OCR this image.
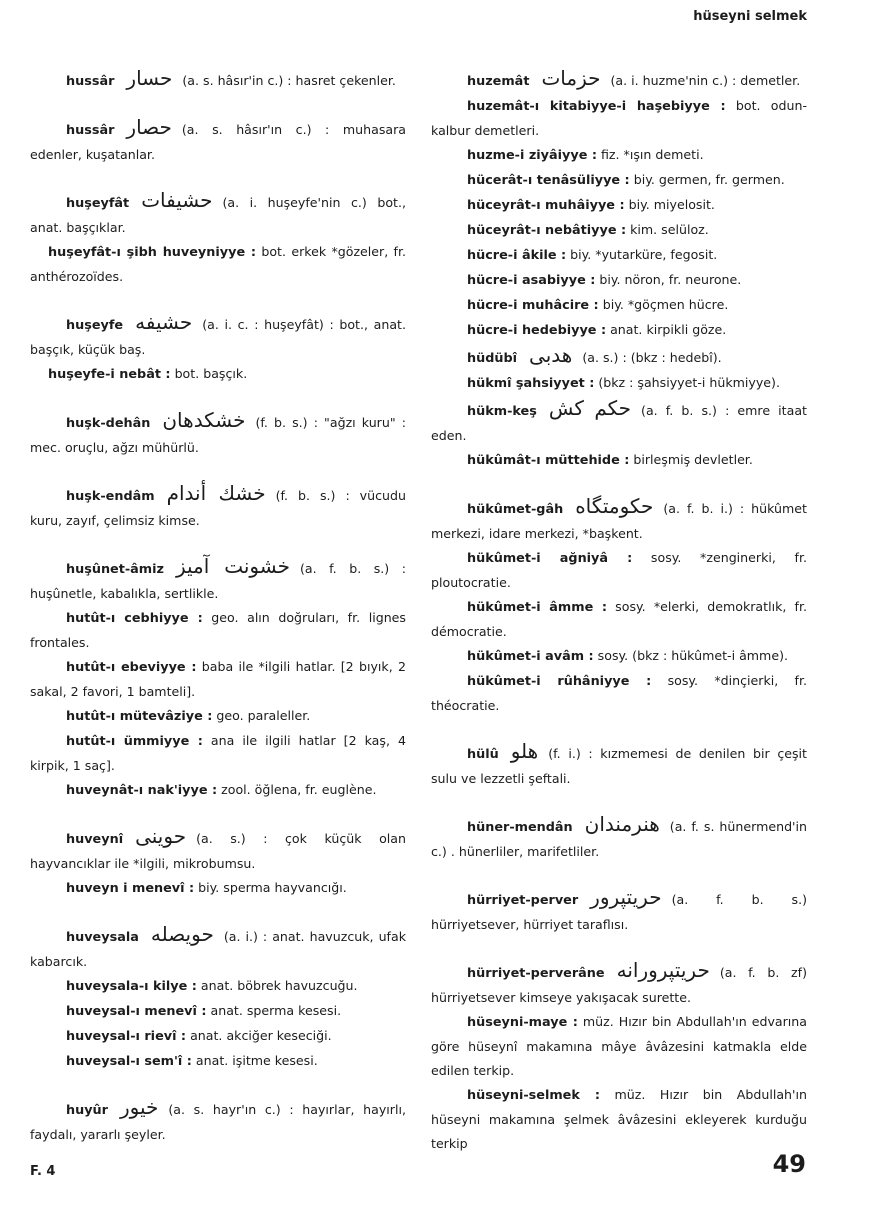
hüseyni selmek

hussâr حسار (a. s. hâsır'in c.) : hasret çekenler.

hussâr حصار (a. s. hâsır'ın c.) : muhasara edenler, kuşatanlar.

huşeyfât حشيفات (a. i. huşeyfe'nin c.) bot., anat. başçıklar.

huşeyfât-ı şibh huveyniyye : bot. erkek *gözeler, fr. anthérozoïdes.

huşeyfe حشيفه (a. i. c. : huşeyfât) : bot., anat. başçık, küçük baş.

huşeyfe-i nebât : bot. başçık.

huşk-dehân خشكدهان (f. b. s.) : "ağzı kuru" : mec. oruçlu, ağzı mühürlü.

huşk-endâm خشك أندام (f. b. s.) : vücudu kuru, zayıf, çelimsiz kimse.

huşûnet-âmiz خشونت آميز (a. f. b. s.) : huşûnetle, kabalıkla, sertlikle.

hutût-ı cebhiyye : geo. alın doğruları, fr. lignes frontales.

hutût-ı ebeviyye : baba ile *ilgili hatlar. [2 bıyık, 2 sakal, 2 favori, 1 bamteli].

hutût-ı mütevâziye : geo. paraleller.

hutût-ı ümmiyye : ana ile ilgili hatlar [2 kaş, 4 kirpik, 1 saç].

huveynât-ı nak'iyye : zool. öğlena, fr. euglène.

huveynî حوينى (a. s.) : çok küçük olan hayvancıklar ile *ilgili, mikrobumsu.

huveyn i menevî : biy. sperma hayvancığı.

huveysala حويصله (a. i.) : anat. havuzcuk, ufak kabarcık.

huveysala-ı kilye : anat. böbrek havuzcuğu.

huveysal-ı menevî : anat. sperma kesesi.

huveysal-ı rievî : anat. akciğer keseciği.

huveysal-ı sem'î : anat. işitme kesesi.

huyûr خيور (a. s. hayr'ın c.) : hayırlar, hayırlı, faydalı, yararlı şeyler.

huzemât حزمات (a. i. huzme'nin c.) : demetler.

huzemât-ı kitabiyye-i haşebiyye : bot. odun-kalbur demetleri.

huzme-i ziyâiyye : fiz. *ışın demeti.

hücerât-ı tenâsüliyye : biy. germen, fr. germen.

hüceyrât-ı muhâiyye : biy. miyelosit.

hüceyrât-ı nebâtiyye : kim. selüloz.

hücre-i âkile : biy. *yutarküre, fegosit.

hücre-i asabiyye : biy. nöron, fr. neurone.

hücre-i muhâcire : biy. *göçmen hücre.

hücre-i hedebiyye : anat. kirpikli göze.

hüdübî هدبى (a. s.) : (bkz : hedebî).

hükmî şahsiyyet : (bkz : şahsiyyet-i hükmiyye).

hükm-keş حكم كش (a. f. b. s.) : emre itaat eden.

hükûmât-ı müttehide : birleşmiş devletler.

hükûmet-gâh حكومتگاه (a. f. b. i.) : hükûmet merkezi, idare merkezi, *başkent.

hükûmet-i ağniyâ : sosy. *zenginerki, fr. ploutocratie.

hükûmet-i âmme : sosy. *elerki, demokratlık, fr. démocratie.

hükûmet-i avâm : sosy. (bkz : hükûmet-i âmme).

hükûmet-i rûhâniyye : sosy. *dinçierki, fr. théocratie.

hülû هلو (f. i.) : kızmemesi de denilen bir çeşit sulu ve lezzetli şeftali.

hüner-mendân هنرمندان (a. f. s. hünermend'in c.) . hünerliler, marifetliler.

hürriyet-perver حريتپرور (a. f. b. s.) hürriyetsever, hürriyet taraflısı.

hürriyet-perverâne حريتپرورانه (a. f. b. zf) hürriyetsever kimseye yakışacak surette.

hüseyni-maye : müz. Hızır bin Abdullah'ın edvarına göre hüseynî makamına mâye âvâzesini katmakla elde edilen terkip.

hüseyni-selmek : müz. Hızır bin Abdullah'ın hüseyni makamına şelmek âvâzesini ekleyerek kurduğu terkip

F. 4	49
